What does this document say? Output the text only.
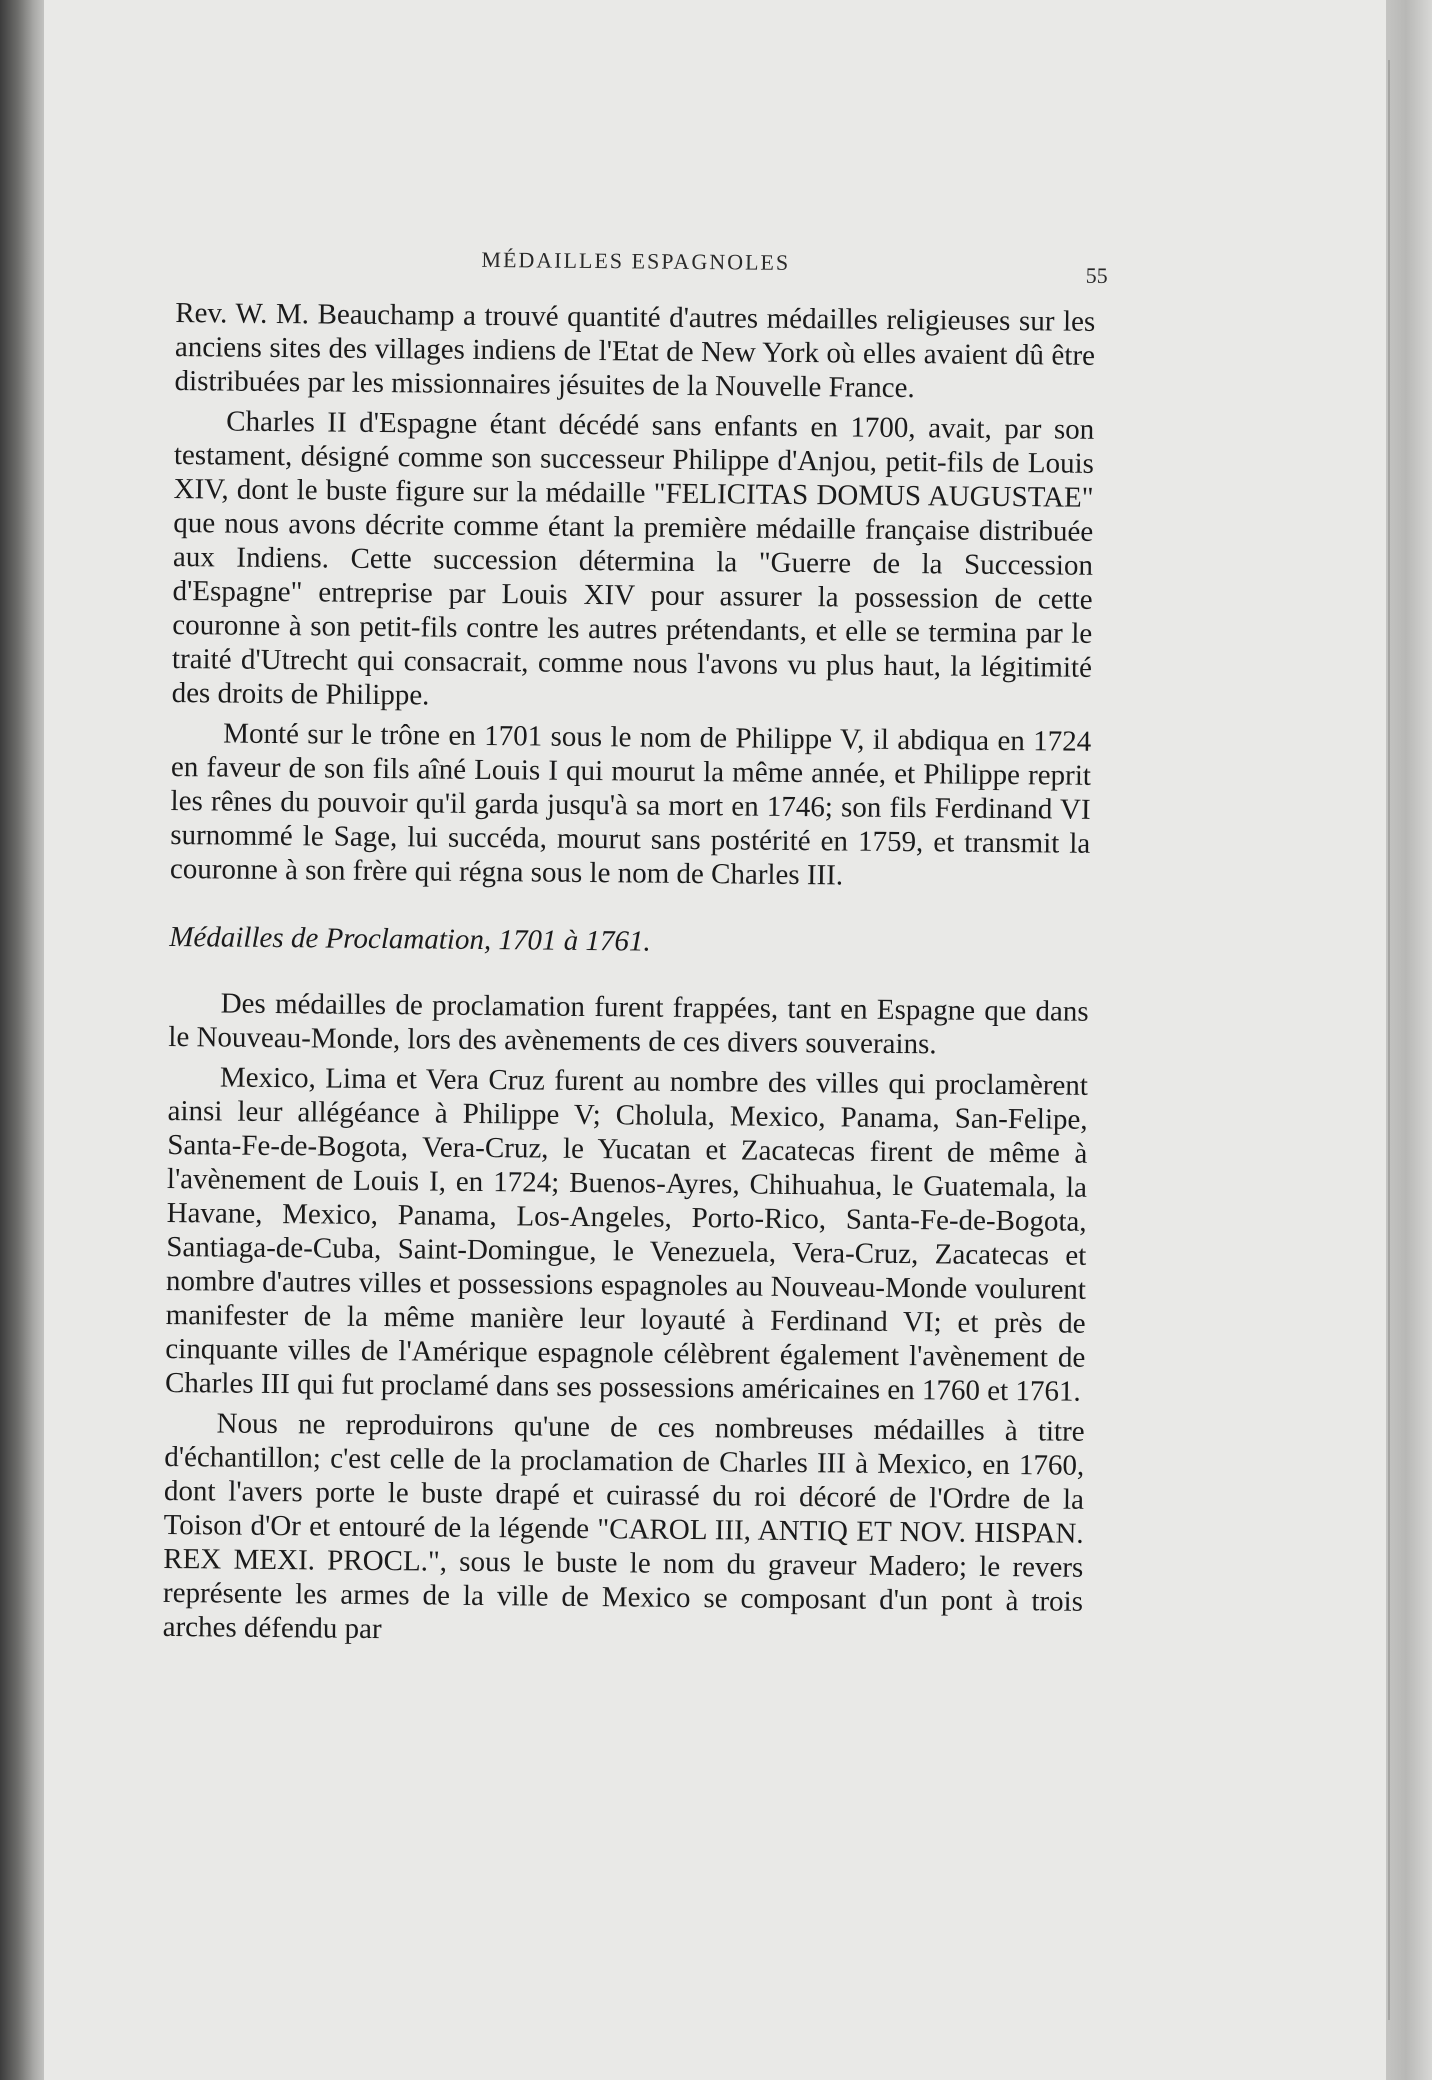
MÉDAILLES ESPAGNOLES
55

Rev. W. M. Beauchamp a trouvé quantité d'autres médailles religieuses sur les anciens sites des villages indiens de l'Etat de New York où elles avaient dû être distribuées par les missionnaires jésuites de la Nouvelle France.

Charles II d'Espagne étant décédé sans enfants en 1700, avait, par son testament, désigné comme son successeur Philippe d'Anjou, petit-fils de Louis XIV, dont le buste figure sur la médaille "FELICITAS DOMUS AUGUSTAE" que nous avons décrite comme étant la première médaille française distribuée aux Indiens. Cette succession détermina la "Guerre de la Succession d'Espagne" entreprise par Louis XIV pour assurer la possession de cette couronne à son petit-fils contre les autres prétendants, et elle se termina par le traité d'Utrecht qui consacrait, comme nous l'avons vu plus haut, la légitimité des droits de Philippe.

Monté sur le trône en 1701 sous le nom de Philippe V, il abdiqua en 1724 en faveur de son fils aîné Louis I qui mourut la même année, et Philippe reprit les rênes du pouvoir qu'il garda jusqu'à sa mort en 1746; son fils Ferdinand VI surnommé le Sage, lui succéda, mourut sans postérité en 1759, et transmit la couronne à son frère qui régna sous le nom de Charles III.

Médailles de Proclamation, 1701 à 1761.

Des médailles de proclamation furent frappées, tant en Espagne que dans le Nouveau-Monde, lors des avènements de ces divers souverains.

Mexico, Lima et Vera Cruz furent au nombre des villes qui proclamèrent ainsi leur allégéance à Philippe V; Cholula, Mexico, Panama, San-Felipe, Santa-Fe-de-Bogota, Vera-Cruz, le Yucatan et Zacatecas firent de même à l'avènement de Louis I, en 1724; Buenos-Ayres, Chihuahua, le Guatemala, la Havane, Mexico, Panama, Los-Angeles, Porto-Rico, Santa-Fe-de-Bogota, Santiaga-de-Cuba, Saint-Domingue, le Venezuela, Vera-Cruz, Zacatecas et nombre d'autres villes et possessions espagnoles au Nouveau-Monde voulurent manifester de la même manière leur loyauté à Ferdinand VI; et près de cinquante villes de l'Amérique espagnole célèbrent également l'avènement de Charles III qui fut proclamé dans ses possessions américaines en 1760 et 1761.

Nous ne reproduirons qu'une de ces nombreuses médailles à titre d'échantillon; c'est celle de la proclamation de Charles III à Mexico, en 1760, dont l'avers porte le buste drapé et cuirassé du roi décoré de l'Ordre de la Toison d'Or et entouré de la légende "CAROL III, ANTIQ ET NOV. HISPAN. REX MEXI. PROCL.", sous le buste le nom du graveur Madero; le revers représente les armes de la ville de Mexico se composant d'un pont à trois arches défendu par
